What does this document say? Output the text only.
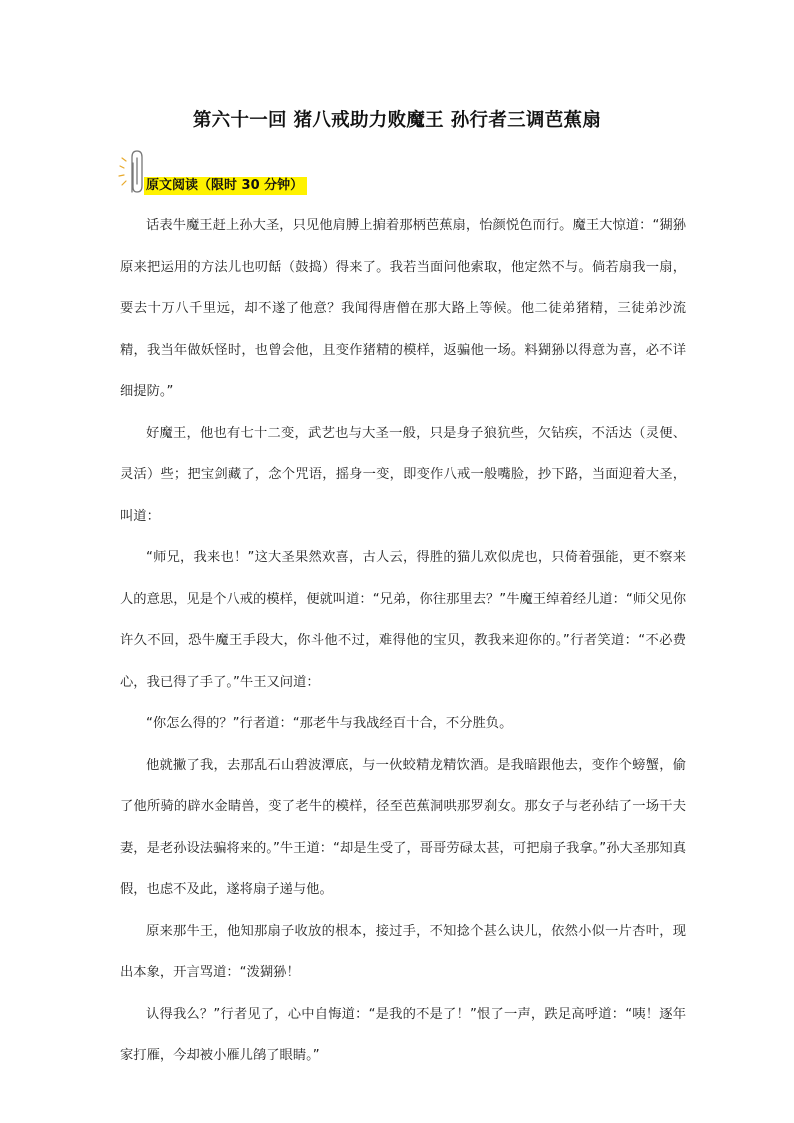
第六十一回 猪八戒助力败魔王 孙行者三调芭蕉扇
原文阅读（限时 30 分钟）

话表牛魔王赶上孙大圣，只见他肩膊上掮着那柄芭蕉扇，怡颜悦色而行。魔王大惊道：“猢狲原来把运用的方法儿也叨餂（鼓捣）得来了。我若当面问他索取，他定然不与。倘若扇我一扇，要去十万八千里远，却不遂了他意？我闻得唐僧在那大路上等候。他二徒弟猪精，三徒弟沙流精，我当年做妖怪时，也曾会他，且变作猪精的模样，返骗他一场。料猢狲以得意为喜，必不详细提防。”

好魔王，他也有七十二变，武艺也与大圣一般，只是身子狼犺些，欠钻疾，不活达（灵便、灵活）些；把宝剑藏了，念个咒语，摇身一变，即变作八戒一般嘴脸，抄下路，当面迎着大圣，叫道：

“师兄，我来也！”这大圣果然欢喜，古人云，得胜的猫儿欢似虎也，只倚着强能，更不察来人的意思，见是个八戒的模样，便就叫道：“兄弟，你往那里去？”牛魔王绰着经儿道：“师父见你许久不回，恐牛魔王手段大，你斗他不过，难得他的宝贝，教我来迎你的。”行者笑道：“不必费心，我已得了手了。”牛王又问道：

“你怎么得的？”行者道：“那老牛与我战经百十合，不分胜负。

他就撇了我，去那乱石山碧波潭底，与一伙蛟精龙精饮酒。是我暗跟他去，变作个螃蟹，偷了他所骑的辟水金睛兽，变了老牛的模样，径至芭蕉洞哄那罗刹女。那女子与老孙结了一场干夫妻，是老孙设法骗将来的。”牛王道：“却是生受了，哥哥劳碌太甚，可把扇子我拿。”孙大圣那知真假，也虑不及此，遂将扇子递与他。

原来那牛王，他知那扇子收放的根本，接过手，不知捻个甚么诀儿，依然小似一片杏叶，现出本象，开言骂道：“泼猢狲！

认得我么？”行者见了，心中自悔道：“是我的不是了！”恨了一声，跌足高呼道：“咦！逐年家打雁，今却被小雁儿鹐了眼睛。”
